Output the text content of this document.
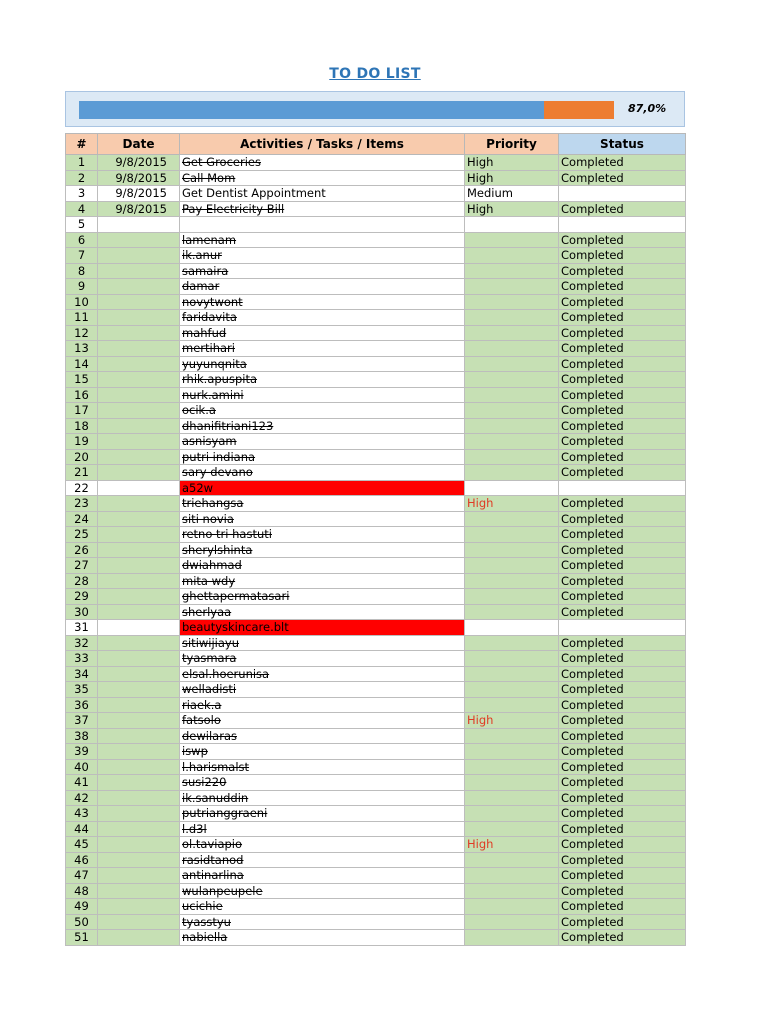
TO DO LIST
87,0%
#	Date	Activities / Tasks / Items	Priority	Status
1	9/8/2015	Get Groceries	High	Completed
2	9/8/2015	Call Mom	High	Completed
3	9/8/2015	Get Dentist Appointment	Medium	
4	9/8/2015	Pay Electricity Bill	High	Completed
5				
6		lamenam		Completed
7		ik.anur		Completed
8		samaira		Completed
9		damar		Completed
10		novytwont		Completed
11		faridavita		Completed
12		mahfud		Completed
13		mertihari		Completed
14		yuyunqnita		Completed
15		rhik.apuspita		Completed
16		nurk.amini		Completed
17		ocik.a		Completed
18		dhanifitriani123		Completed
19		asnisyam		Completed
20		putri indiana		Completed
21		sary devano		Completed
22		a52w		
23		triehangsa	High	Completed
24		siti novia		Completed
25		retno tri hastuti		Completed
26		sherylshinta		Completed
27		dwiahmad		Completed
28		mita wdy		Completed
29		ghettapermatasari		Completed
30		sherlyaa		Completed
31		beautyskincare.blt		
32		sitiwijiayu		Completed
33		tyasmara		Completed
34		elsal.hoerunisa		Completed
35		welladisti		Completed
36		riaek.a		Completed
37		fatsolo	High	Completed
38		dewilaras		Completed
39		iswp		Completed
40		l.harismalst		Completed
41		susi220		Completed
42		ik.sanuddin		Completed
43		putrianggraeni		Completed
44		l.d3l		Completed
45		ol.taviapio	High	Completed
46		rasidtanod		Completed
47		antinarlina		Completed
48		wulanpeupele		Completed
49		ucichie		Completed
50		tyasstyu		Completed
51		nabiella		Completed
